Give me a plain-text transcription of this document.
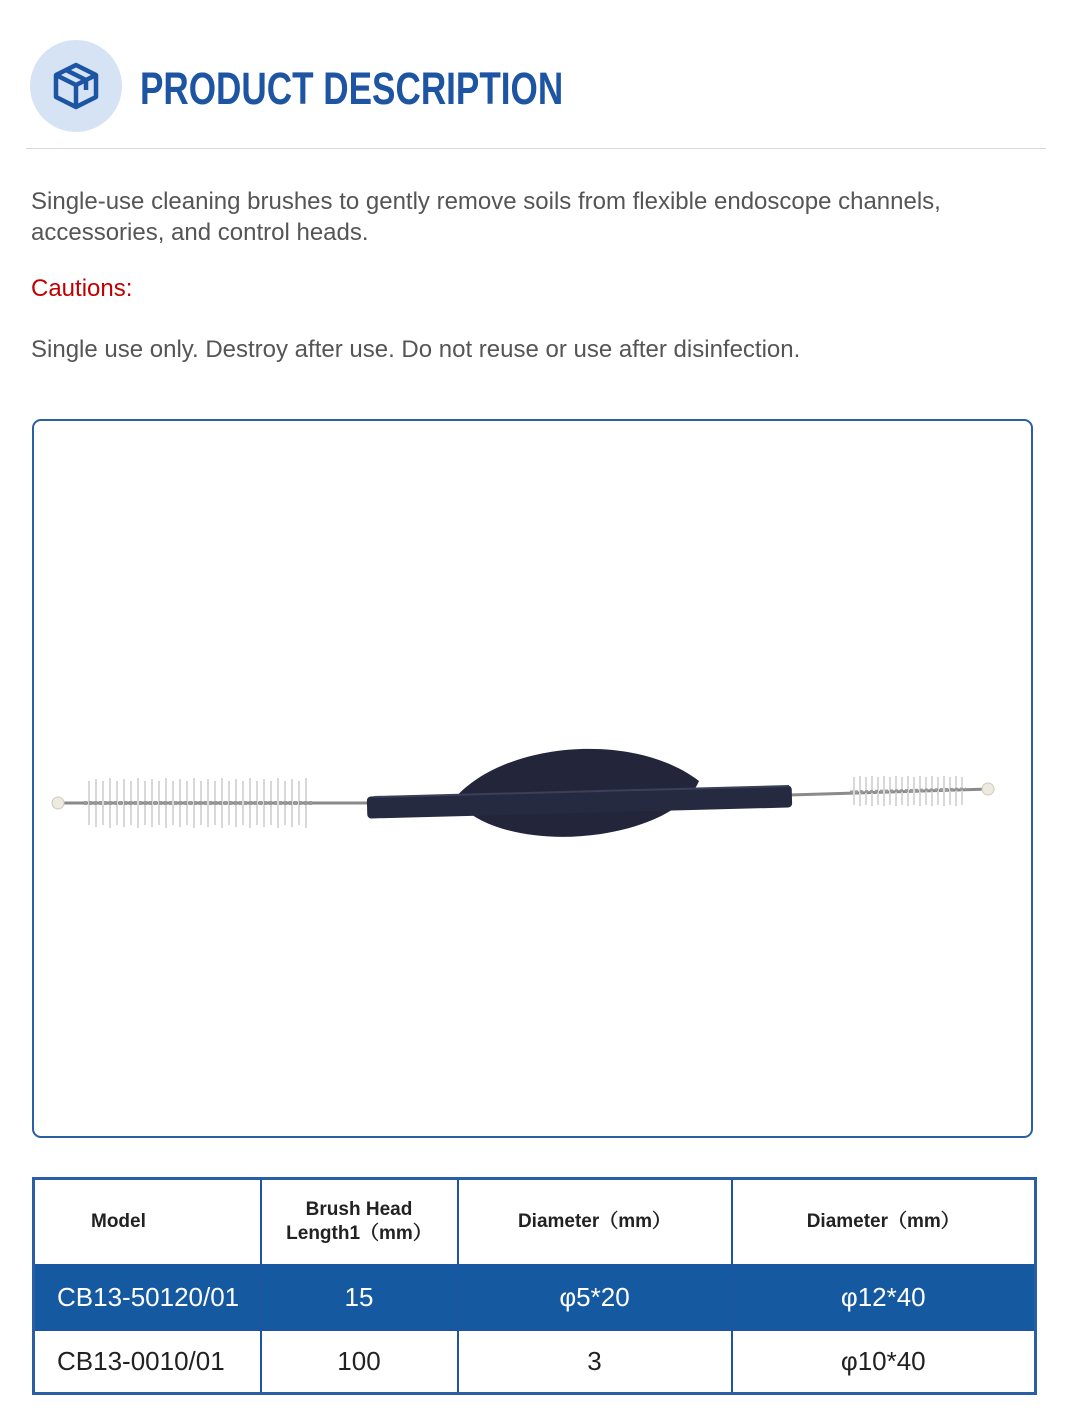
PRODUCT DESCRIPTION

Single-use cleaning brushes to gently remove soils from flexible endoscope channels, accessories, and control heads.

Cautions:

Single use only. Destroy after use. Do not reuse or use after disinfection.

Model	Brush Head Length1（mm）	Diameter（mm）	Diameter（mm）
CB13-50120/01	15	φ5*20	φ12*40
CB13-0010/01	100	3	φ10*40
